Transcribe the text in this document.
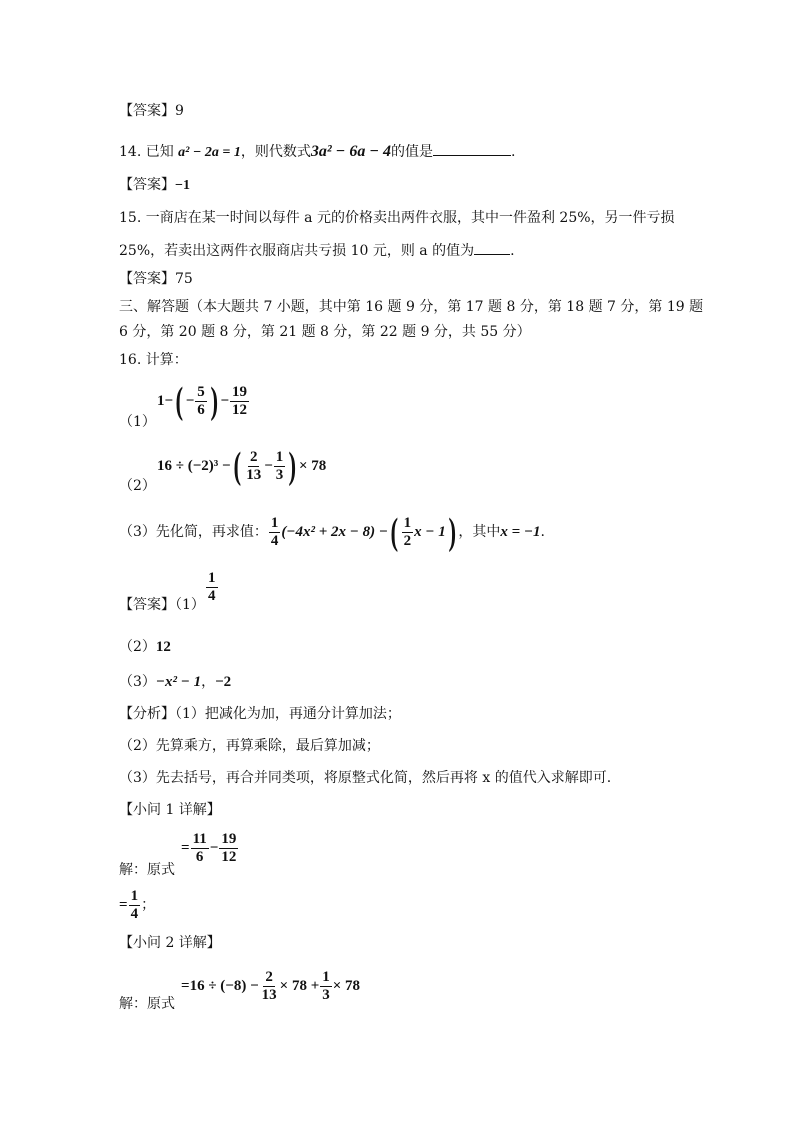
【答案】9
14. 已知 a² − 2a = 1，则代数式3a² − 6a − 4的值是	.
【答案】−1
15. 一商店在某一时间以每件 a 元的价格卖出两件衣服，其中一件盈利 25%，另一件亏损
25%，若卖出这两件衣服商店共亏损 10 元，则 a 的值为	.
【答案】75
三、解答题（本大题共 7 小题，其中第 16 题 9 分，第 17 题 8 分，第 18 题 7 分，第 19 题
6 分，第 20 题 8 分，第 21 题 8 分，第 22 题 9 分，共 55 分）
16. 计算：
（1）
$1-( - \frac{5}{6}$ ) − $\frac{19}{12}$
（2）
16 ÷ (−2)³ −( $\frac{2}{13} - \frac{1}{3}$ ) × 78
（3）先化简，再求值： $\frac{1}{4} (-4x^2 + 2x - 8)$ −( $\frac{1}{2}$ x − 1) ，其中x = −1.
【答案】$(1) \frac{1}{4}$
（2）12
（3）−x² − 1，−2
【分析】（1）把减化为加，再通分计算加法；
（2）先算乘方，再算乘除，最后算加减；
（3）先去括号，再合并同类项，将原整式化简，然后再将 x 的值代入求解即可.
【小问 1 详解】
解：原式
= $\frac{11}{6} - \frac{19}{12}$
= $\frac{1}{4}$ ；
【小问 2 详解】
解：原式
$=16 \div (-8) - \frac{2}{13} \times 78 + \frac{1}{3} \times 78$
